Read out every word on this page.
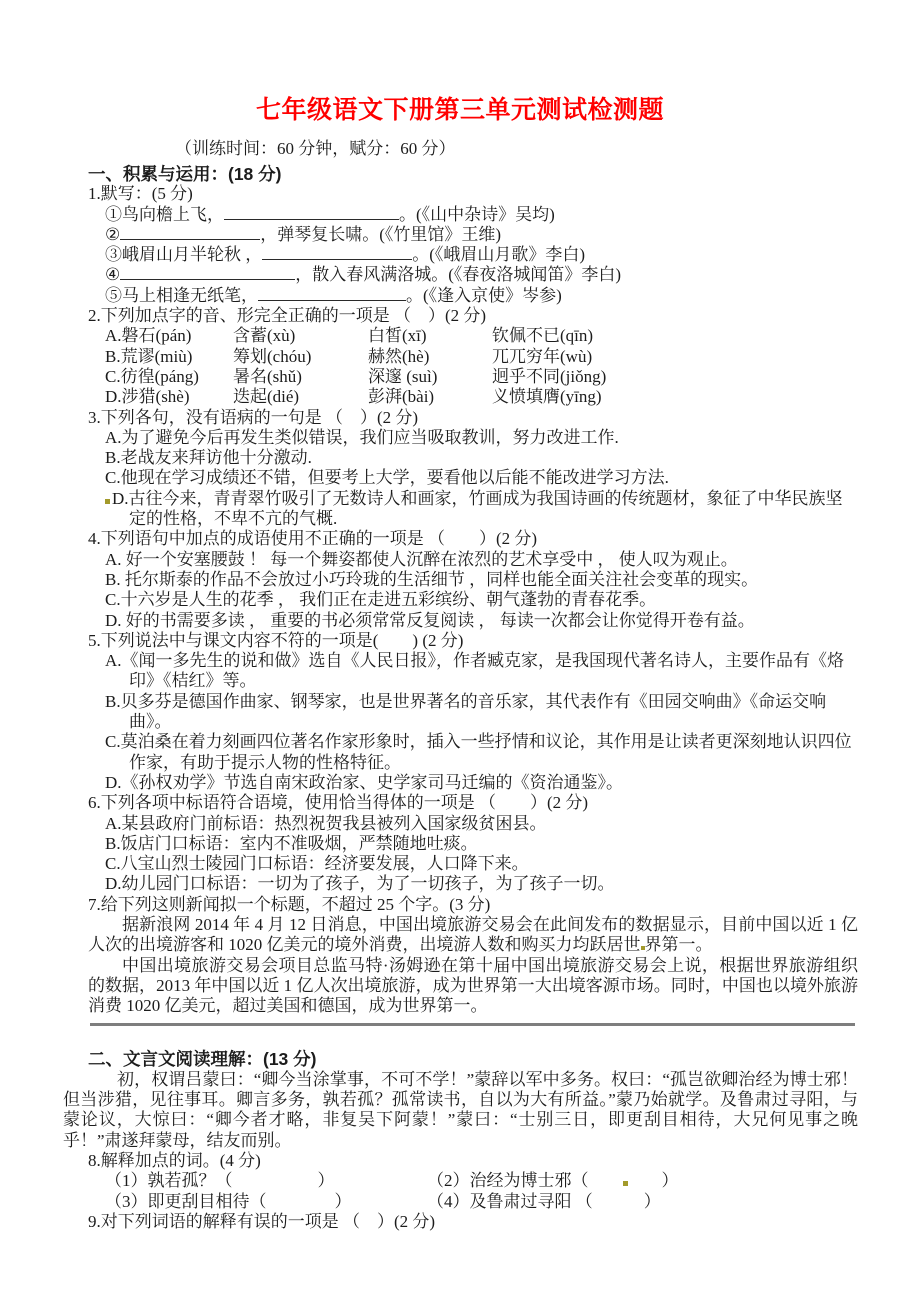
七年级语文下册第三单元测试检测题
（训练时间：60 分钟，赋分：60 分）
一、积累与运用：(18 分)
1.默写：(5 分)
①鸟向檐上飞，	。(《山中杂诗》吴均)
②	，弹琴复长啸。(《竹里馆》王维)
③峨眉山月半轮秋 ，	。(《峨眉山月歌》李白)
④	，散入春风满洛城。(《春夜洛城闻笛》李白)
⑤马上相逢无纸笔，	。(《逢入京使》岑参)
2.下列加点字的音、形完全正确的一项是 （　）(2 分)
A.磐石(pán)	含蓄(xù)	白皙(xī)	钦佩不已(qīn)
B.荒谬(miù)	筹划(chóu)	赫然(hè)	兀兀穷年(wù)
C.彷徨(páng)	暑名(shǔ)	深邃 (suì)	迥乎不同(jiǒng)
D.涉猎(shè)	迭起(dié)	彭湃(bài)	义愤填膺(yīng)
3.下列各句，没有语病的一句是 （　）(2 分)
A.为了避免今后再发生类似错误，我们应当吸取教训，努力改进工作.
B.老战友来拜访他十分激动.
C.他现在学习成绩还不错，但要考上大学，要看他以后能不能改进学习方法.
D.古往今来，青青翠竹吸引了无数诗人和画家，竹画成为我国诗画的传统题材，象征了中华民族坚定的性格，不卑不亢的气概.
4.下列语句中加点的成语使用不正确的一项是 （　　）(2 分)
A. 好一个安塞腰鼓 ！ 每一个舞姿都使人沉醉在浓烈的艺术享受中 ， 使人叹为观止。
B. 托尔斯泰的作品不会放过小巧玲珑的生活细节 ，同样也能全面关注社会变革的现实。
C.十六岁是人生的花季 ， 我们正在走进五彩缤纷、朝气蓬勃的青春花季。
D. 好的书需要多读 ， 重要的书必须常常反复阅读 ， 每读一次都会让你觉得开卷有益。
5.下列说法中与课文内容不符的一项是(　　) (2 分)
A.《闻一多先生的说和做》选自《人民日报》，作者臧克家，是我国现代著名诗人，主要作品有《烙印》《桔红》等。
B.贝多芬是德国作曲家、钢琴家，也是世界著名的音乐家，其代表作有《田园交响曲》《命运交响曲》。
C.莫泊桑在着力刻画四位著名作家形象时，插入一些抒情和议论，其作用是让读者更深刻地认识四位作家，有助于提示人物的性格特征。
D.《孙权劝学》节选自南宋政治家、史学家司马迁编的《资治通鉴》。
6.下列各项中标语符合语境，使用恰当得体的一项是 （　　）(2 分)
A.某县政府门前标语：热烈祝贺我县被列入国家级贫困县。
B.饭店门口标语：室内不准吸烟，严禁随地吐痰。
C.八宝山烈士陵园门口标语：经济要发展，人口降下来。
D.幼儿园门口标语：一切为了孩子，为了一切孩子，为了孩子一切。
7.给下列这则新闻拟一个标题，不超过 25 个字。(3 分)

据新浪网 2014 年 4 月 12 日消息，中国出境旅游交易会在此间发布的数据显示，目前中国以近 1 亿人次的出境游客和 1020 亿美元的境外消费，出境游人数和购买力均跃居世 界第一。

中国出境旅游交易会项目总监马特·汤姆逊在第十届中国出境旅游交易会上说，根据世界旅游组织的数据，2013 年中国以近 1 亿人次出境旅游，成为世界第一大出境客源市场。同时，中国也以境外旅游消费 1020 亿美元，超过美国和德国，成为世界第一。

二、文言文阅读理解：(13 分)

初，权谓吕蒙曰：“卿今当涂掌事，不可不学！”蒙辞以军中多务。权曰：“孤岂欲卿治经为博士邪！但当涉猎，见往事耳。卿言多务，孰若孤？孤常读书，自以为大有所益。”蒙乃始就学。及鲁肃过寻阳，与蒙论议，大惊曰：“卿今者才略，非复吴下阿蒙！”蒙曰：“士别三日，即更刮目相待，大兄何见事之晚乎！”肃遂拜蒙母，结友而别。

8.解释加点的词。(4 分)
（1）孰若孤？（　　　　　）	（2）治经为博士邪（　　　　）
（3）即更刮目相待（　　　　）	（4）及鲁肃过寻阳 （　　　）
9.对下列词语的解释有误的一项是 （　）(2 分)
